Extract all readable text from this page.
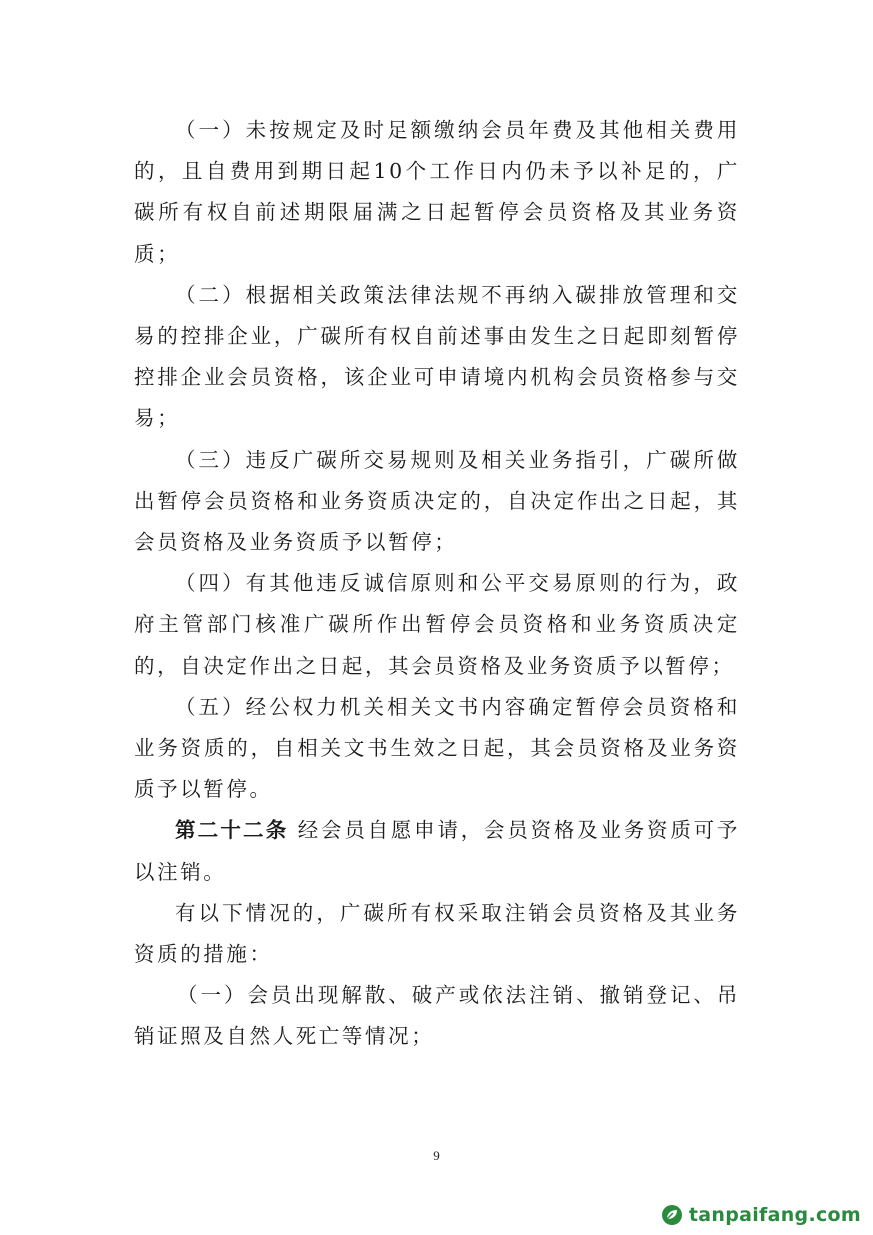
（一）未按规定及时足额缴纳会员年费及其他相关费用的，且自费用到期日起10个工作日内仍未予以补足的，广碳所有权自前述期限届满之日起暂停会员资格及其业务资质；

（二）根据相关政策法律法规不再纳入碳排放管理和交易的控排企业，广碳所有权自前述事由发生之日起即刻暂停控排企业会员资格，该企业可申请境内机构会员资格参与交易；

（三）违反广碳所交易规则及相关业务指引，广碳所做出暂停会员资格和业务资质决定的，自决定作出之日起，其会员资格及业务资质予以暂停；

（四）有其他违反诚信原则和公平交易原则的行为，政府主管部门核准广碳所作出暂停会员资格和业务资质决定的，自决定作出之日起，其会员资格及业务资质予以暂停；

（五）经公权力机关相关文书内容确定暂停会员资格和业务资质的，自相关文书生效之日起，其会员资格及业务资质予以暂停。

第二十二条 经会员自愿申请，会员资格及业务资质可予以注销。

有以下情况的，广碳所有权采取注销会员资格及其业务资质的措施：

（一）会员出现解散、破产或依法注销、撤销登记、吊销证照及自然人死亡等情况；

9
tanpaifang.com
